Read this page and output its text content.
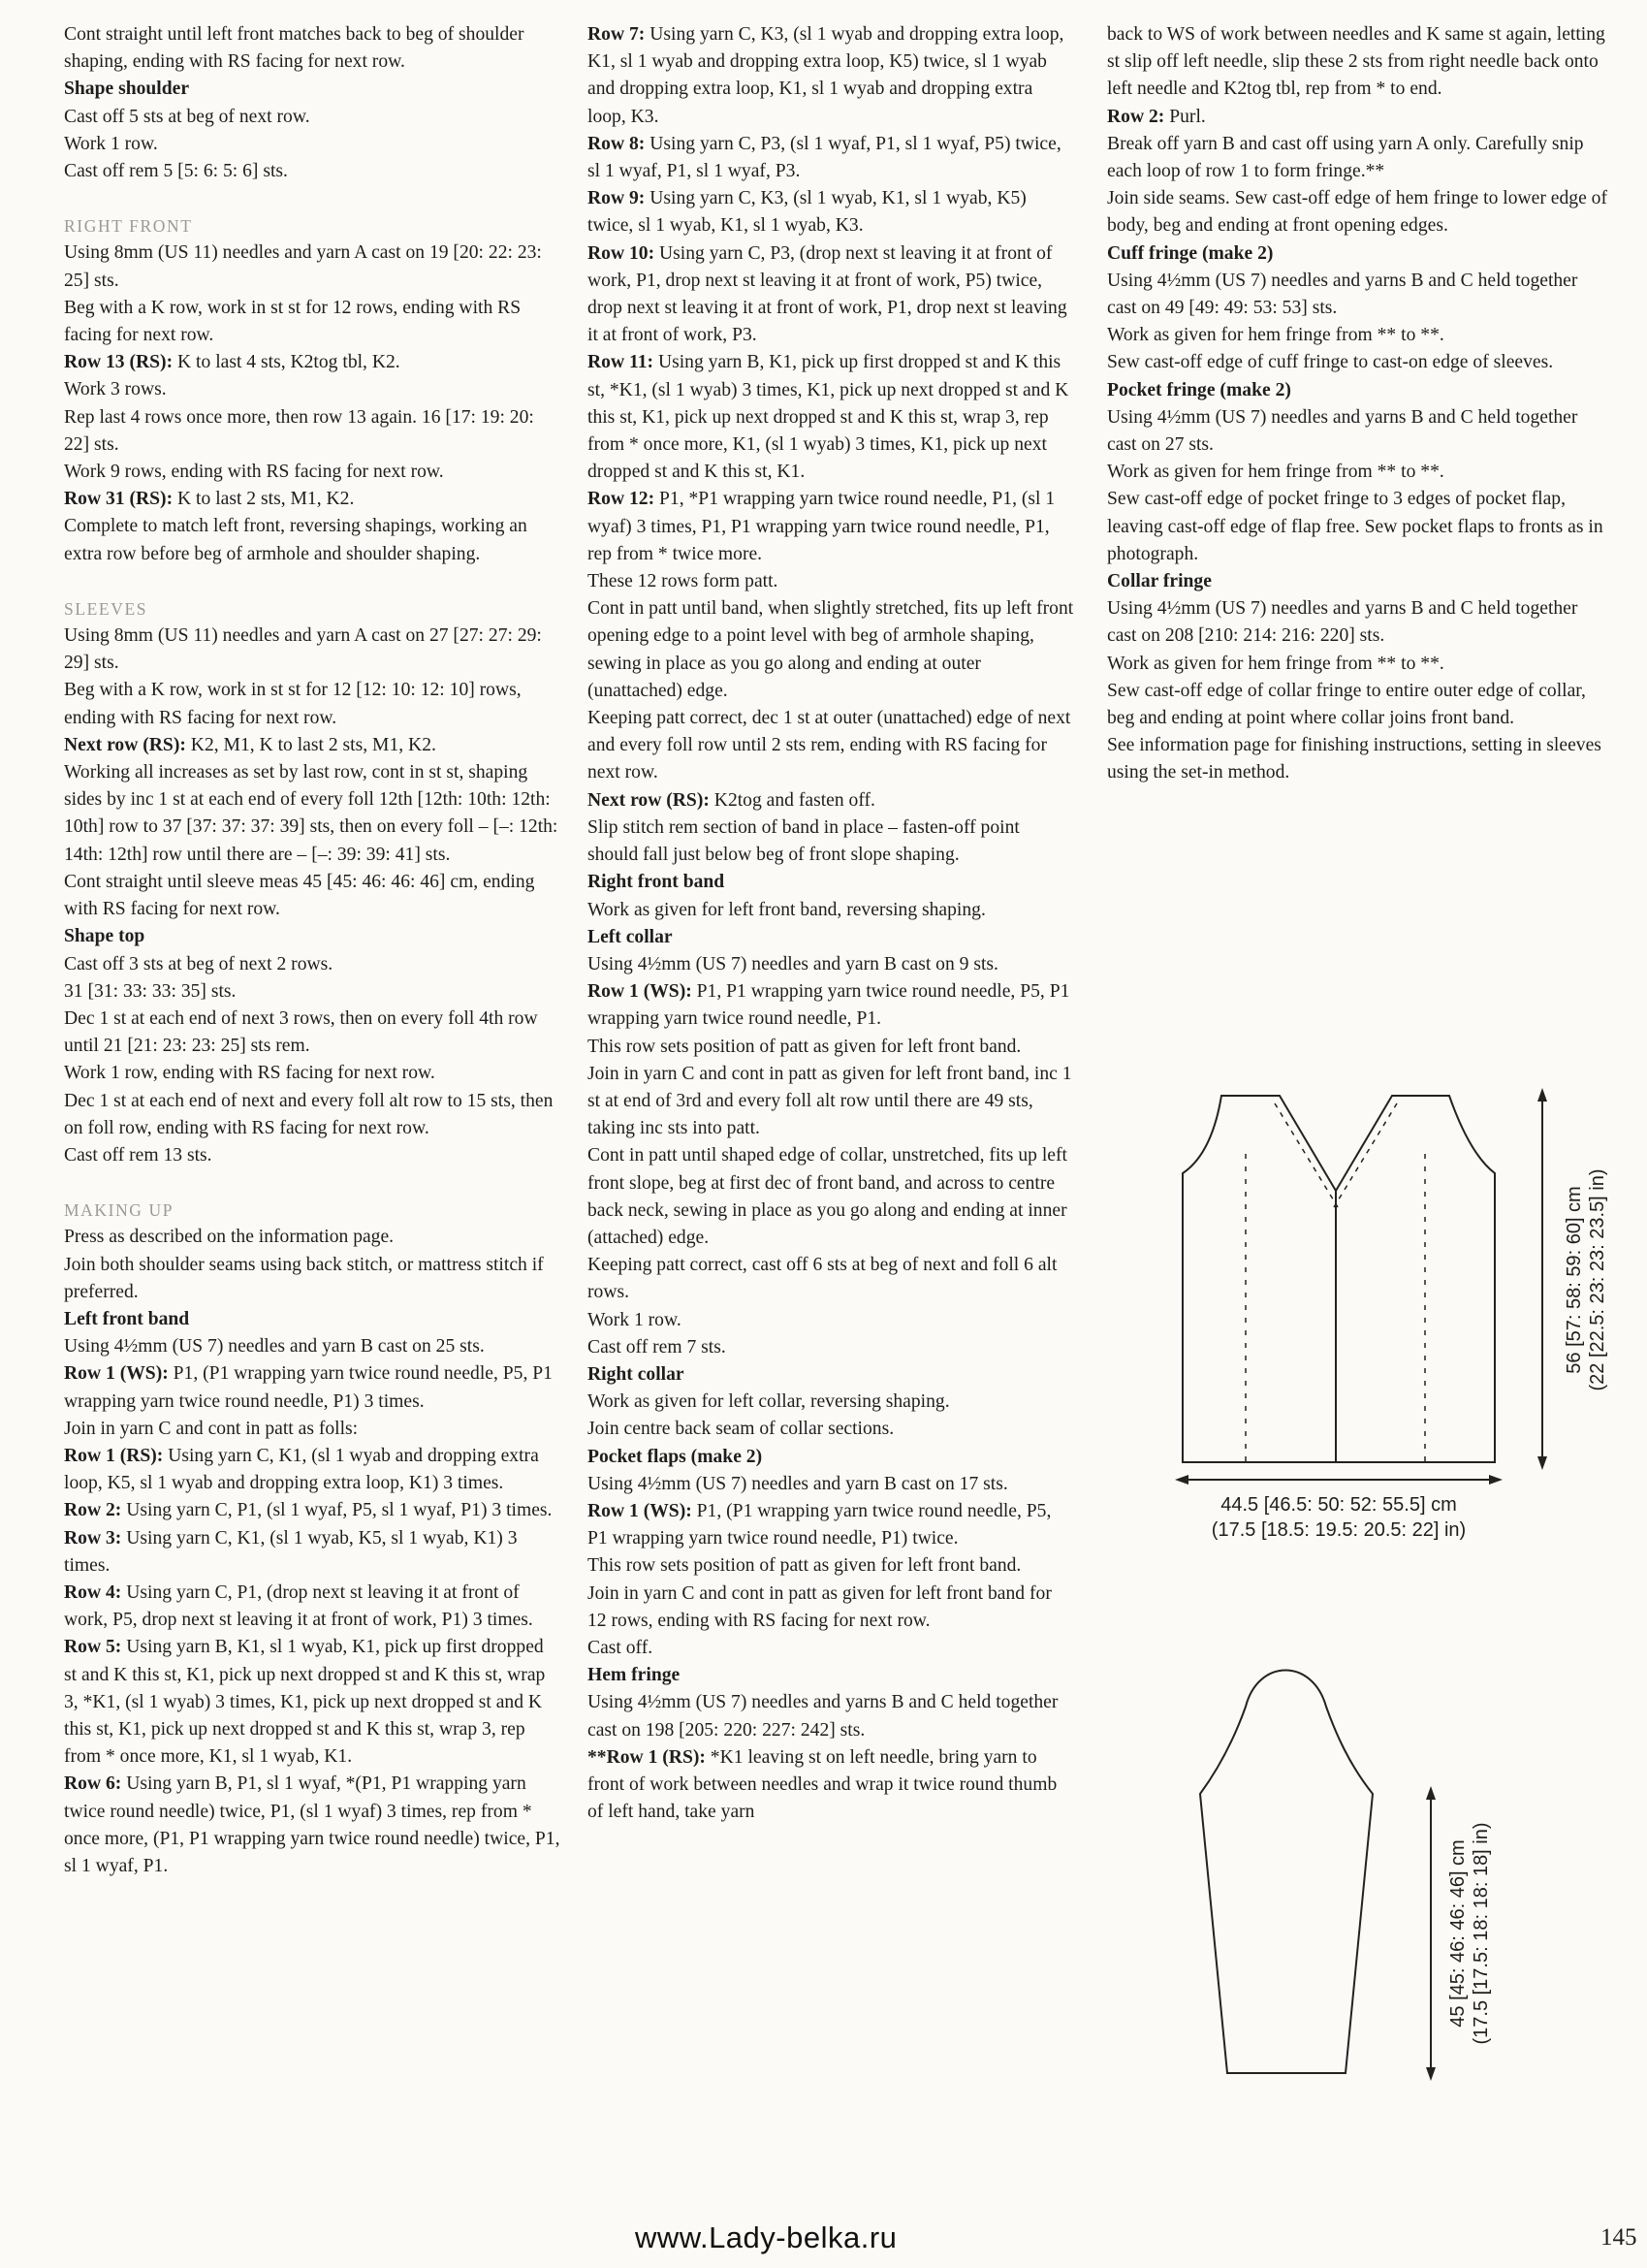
Cont straight until left front matches back to beg of shoulder shaping, ending with RS facing for next row.

Shape shoulder

Cast off 5 sts at beg of next row.

Work 1 row.

Cast off rem 5 [5: 6: 5: 6] sts.

RIGHT FRONT

Using 8mm (US 11) needles and yarn A cast on 19 [20: 22: 23: 25] sts.

Beg with a K row, work in st st for 12 rows, ending with RS facing for next row.

Row 13 (RS): K to last 4 sts, K2tog tbl, K2.

Work 3 rows.

Rep last 4 rows once more, then row 13 again. 16 [17: 19: 20: 22] sts.

Work 9 rows, ending with RS facing for next row.

Row 31 (RS): K to last 2 sts, M1, K2.

Complete to match left front, reversing shapings, working an extra row before beg of armhole and shoulder shaping.

SLEEVES

Using 8mm (US 11) needles and yarn A cast on 27 [27: 27: 29: 29] sts.

Beg with a K row, work in st st for 12 [12: 10: 12: 10] rows, ending with RS facing for next row.

Next row (RS): K2, M1, K to last 2 sts, M1, K2.

Working all increases as set by last row, cont in st st, shaping sides by inc 1 st at each end of every foll 12th [12th: 10th: 12th: 10th] row to 37 [37: 37: 37: 39] sts, then on every foll – [–: 12th: 14th: 12th] row until there are – [–: 39: 39: 41] sts.

Cont straight until sleeve meas 45 [45: 46: 46: 46] cm, ending with RS facing for next row.

Shape top

Cast off 3 sts at beg of next 2 rows.

31 [31: 33: 33: 35] sts.

Dec 1 st at each end of next 3 rows, then on every foll 4th row until 21 [21: 23: 23: 25] sts rem.

Work 1 row, ending with RS facing for next row.

Dec 1 st at each end of next and every foll alt row to 15 sts, then on foll row, ending with RS facing for next row.

Cast off rem 13 sts.

MAKING UP

Press as described on the information page.

Join both shoulder seams using back stitch, or mattress stitch if preferred.

Left front band

Using 4½mm (US 7) needles and yarn B cast on 25 sts.

Row 1 (WS): P1, (P1 wrapping yarn twice round needle, P5, P1 wrapping yarn twice round needle, P1) 3 times.

Join in yarn C and cont in patt as folls:

Row 1 (RS): Using yarn C, K1, (sl 1 wyab and dropping extra loop, K5, sl 1 wyab and dropping extra loop, K1) 3 times.

Row 2: Using yarn C, P1, (sl 1 wyaf, P5, sl 1 wyaf, P1) 3 times.

Row 3: Using yarn C, K1, (sl 1 wyab, K5, sl 1 wyab, K1) 3 times.

Row 4: Using yarn C, P1, (drop next st leaving it at front of work, P5, drop next st leaving it at front of work, P1) 3 times.

Row 5: Using yarn B, K1, sl 1 wyab, K1, pick up first dropped st and K this st, K1, pick up next dropped st and K this st, wrap 3, *K1, (sl 1 wyab) 3 times, K1, pick up next dropped st and K this st, K1, pick up next dropped st and K this st, wrap 3, rep from * once more, K1, sl 1 wyab, K1.

Row 6: Using yarn B, P1, sl 1 wyaf, *(P1, P1 wrapping yarn twice round needle) twice, P1, (sl 1 wyaf) 3 times, rep from * once more, (P1, P1 wrapping yarn twice round needle) twice, P1, sl 1 wyaf, P1.

Row 7: Using yarn C, K3, (sl 1 wyab and dropping extra loop, K1, sl 1 wyab and dropping extra loop, K5) twice, sl 1 wyab and dropping extra loop, K1, sl 1 wyab and dropping extra loop, K3.

Row 8: Using yarn C, P3, (sl 1 wyaf, P1, sl 1 wyaf, P5) twice, sl 1 wyaf, P1, sl 1 wyaf, P3.

Row 9: Using yarn C, K3, (sl 1 wyab, K1, sl 1 wyab, K5) twice, sl 1 wyab, K1, sl 1 wyab, K3.

Row 10: Using yarn C, P3, (drop next st leaving it at front of work, P1, drop next st leaving it at front of work, P5) twice, drop next st leaving it at front of work, P1, drop next st leaving it at front of work, P3.

Row 11: Using yarn B, K1, pick up first dropped st and K this st, *K1, (sl 1 wyab) 3 times, K1, pick up next dropped st and K this st, K1, pick up next dropped st and K this st, wrap 3, rep from * once more, K1, (sl 1 wyab) 3 times, K1, pick up next dropped st and K this st, K1.

Row 12: P1, *P1 wrapping yarn twice round needle, P1, (sl 1 wyaf) 3 times, P1, P1 wrapping yarn twice round needle, P1, rep from * twice more.

These 12 rows form patt.

Cont in patt until band, when slightly stretched, fits up left front opening edge to a point level with beg of armhole shaping, sewing in place as you go along and ending at outer (unattached) edge.

Keeping patt correct, dec 1 st at outer (unattached) edge of next and every foll row until 2 sts rem, ending with RS facing for next row.

Next row (RS): K2tog and fasten off.

Slip stitch rem section of band in place – fasten-off point should fall just below beg of front slope shaping.

Right front band

Work as given for left front band, reversing shaping.

Left collar

Using 4½mm (US 7) needles and yarn B cast on 9 sts.

Row 1 (WS): P1, P1 wrapping yarn twice round needle, P5, P1 wrapping yarn twice round needle, P1.

This row sets position of patt as given for left front band.

Join in yarn C and cont in patt as given for left front band, inc 1 st at end of 3rd and every foll alt row until there are 49 sts, taking inc sts into patt.

Cont in patt until shaped edge of collar, unstretched, fits up left front slope, beg at first dec of front band, and across to centre back neck, sewing in place as you go along and ending at inner (attached) edge.

Keeping patt correct, cast off 6 sts at beg of next and foll 6 alt rows.

Work 1 row.

Cast off rem 7 sts.

Right collar

Work as given for left collar, reversing shaping.

Join centre back seam of collar sections.

Pocket flaps (make 2)

Using 4½mm (US 7) needles and yarn B cast on 17 sts.

Row 1 (WS): P1, (P1 wrapping yarn twice round needle, P5, P1 wrapping yarn twice round needle, P1) twice.

This row sets position of patt as given for left front band.

Join in yarn C and cont in patt as given for left front band for 12 rows, ending with RS facing for next row.

Cast off.

Hem fringe

Using 4½mm (US 7) needles and yarns B and C held together cast on 198 [205: 220: 227: 242] sts.

**Row 1 (RS): *K1 leaving st on left needle, bring yarn to front of work between needles and wrap it twice round thumb of left hand, take yarn

back to WS of work between needles and K same st again, letting st slip off left needle, slip these 2 sts from right needle back onto left needle and K2tog tbl, rep from * to end.

Row 2: Purl.

Break off yarn B and cast off using yarn A only. Carefully snip each loop of row 1 to form fringe.**

Join side seams. Sew cast-off edge of hem fringe to lower edge of body, beg and ending at front opening edges.

Cuff fringe (make 2)

Using 4½mm (US 7) needles and yarns B and C held together cast on 49 [49: 49: 53: 53] sts.

Work as given for hem fringe from ** to **.

Sew cast-off edge of cuff fringe to cast-on edge of sleeves.

Pocket fringe (make 2)

Using 4½mm (US 7) needles and yarns B and C held together cast on 27 sts.

Work as given for hem fringe from ** to **.

Sew cast-off edge of pocket fringe to 3 edges of pocket flap, leaving cast-off edge of flap free. Sew pocket flaps to fronts as in photograph.

Collar fringe

Using 4½mm (US 7) needles and yarns B and C held together cast on 208 [210: 214: 216: 220] sts.

Work as given for hem fringe from ** to **.

Sew cast-off edge of collar fringe to entire outer edge of collar, beg and ending at point where collar joins front band.

See information page for finishing instructions, setting in sleeves using the set-in method.

56 [57: 58: 59: 60] cm (22 [22.5: 23: 23: 23.5] in)
44.5 [46.5: 50: 52: 55.5] cm
(17.5 [18.5: 19.5: 20.5: 22] in)
45 [45: 46: 46: 46] cm (17.5 [17.5: 18: 18: 18] in)
www.Lady-belka.ru	145
